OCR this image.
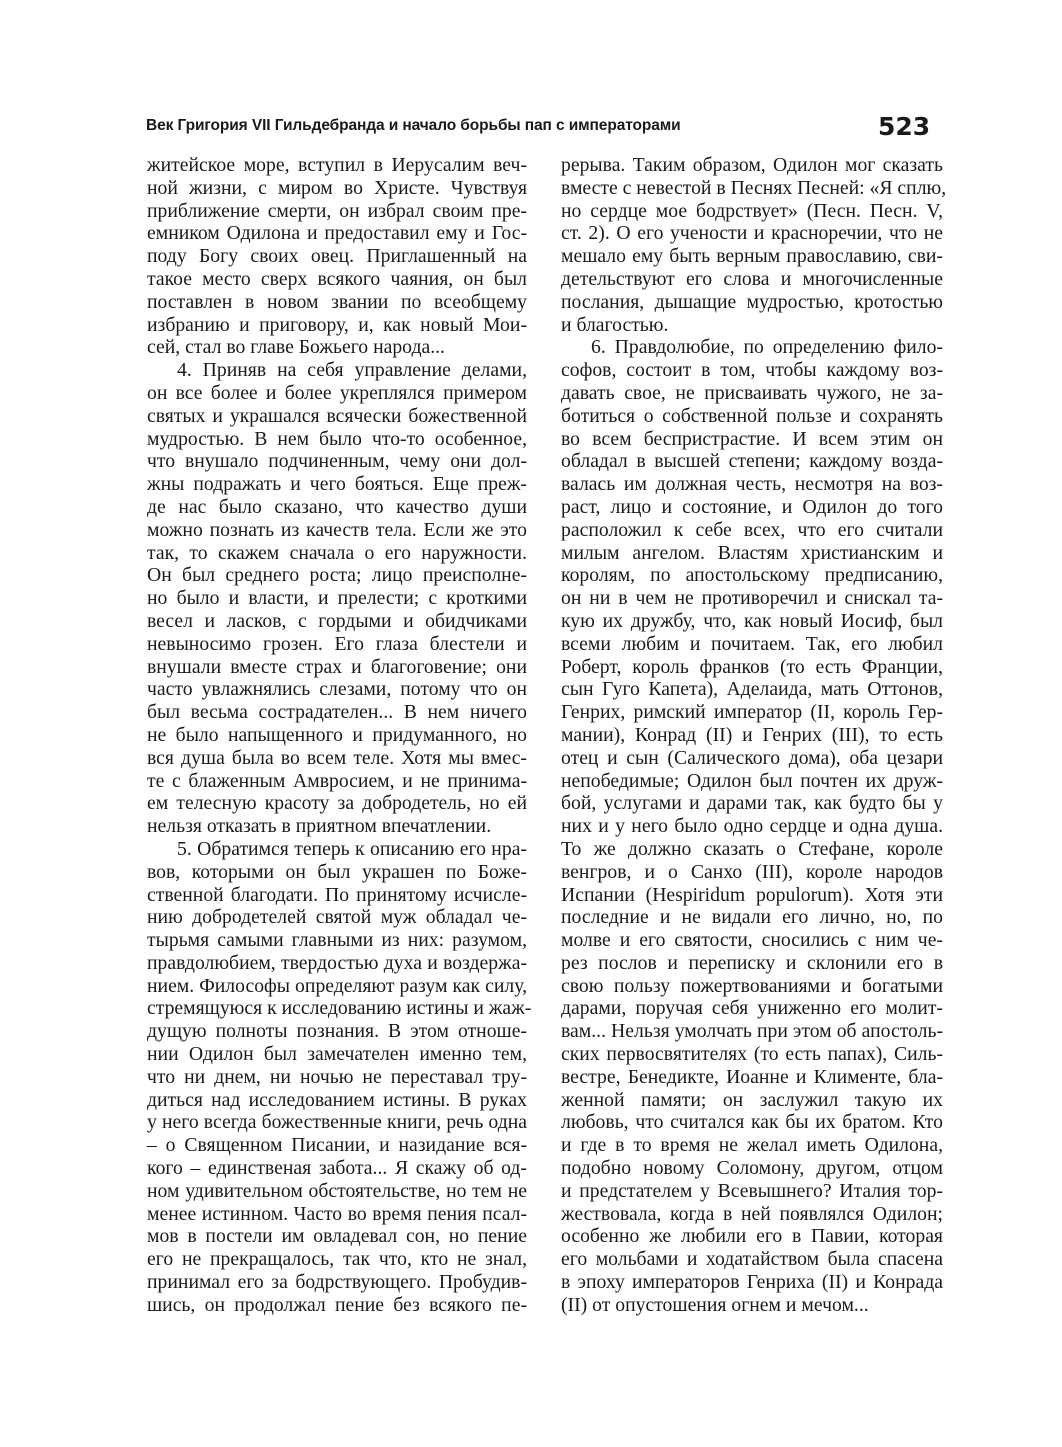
Век Григория VII Гильдебранда и начало борьбы пап с императорами	523
житейское море, вступил в Иерусалим веч-
ной жизни, с миром во Христе. Чувствуя
приближение смерти, он избрал своим пре-
емником Одилона и предоставил ему и Гос-
поду Богу своих овец. Приглашенный на
такое место сверх всякого чаяния, он был
поставлен в новом звании по всеобщему
избранию и приговору, и, как новый Мои-
сей, стал во главе Божьего народа...
4. Приняв на себя управление делами,
он все более и более укреплялся примером
святых и украшался всячески божественной
мудростью. В нем было что-то особенное,
что внушало подчиненным, чему они дол-
жны подражать и чего бояться. Еще преж-
де нас было сказано, что качество души
можно познать из качеств тела. Если же это
так, то скажем сначала о его наружности.
Он был среднего роста; лицо преисполне-
но было и власти, и прелести; с кроткими
весел и ласков, с гордыми и обидчиками
невыносимо грозен. Его глаза блестели и
внушали вместе страх и благоговение; они
часто увлажнялись слезами, потому что он
был весьма сострадателен... В нем ничего
не было напыщенного и придуманного, но
вся душа была во всем теле. Хотя мы вмес-
те с блаженным Амвросием, и не принима-
ем телесную красоту за добродетель, но ей
нельзя отказать в приятном впечатлении.
5. Обратимся теперь к описанию его нра-
вов, которыми он был украшен по Боже-
ственной благодати. По принятому исчисле-
нию добродетелей святой муж обладал че-
тырьмя самыми главными из них: разумом,
правдолюбием, твердостью духа и воздержа-
нием. Философы определяют разум как силу,
стремящуюся к исследованию истины и жаж-
дущую полноты познания. В этом отноше-
нии Одилон был замечателен именно тем,
что ни днем, ни ночью не переставал тру-
диться над исследованием истины. В руках
у него всегда божественные книги, речь одна
– о Священном Писании, и назидание вся-
кого – единственая забота... Я скажу об од-
ном удивительном обстоятельстве, но тем не
менее истинном. Часто во время пения псал-
мов в постели им овладевал сон, но пение
его не прекращалось, так что, кто не знал,
принимал его за бодрствующего. Пробудив-
шись, он продолжал пение без всякого пе-
рерыва. Таким образом, Одилон мог сказать
вместе с невестой в Песнях Песней: «Я сплю,
но сердце мое бодрствует» (Песн. Песн. V,
ст. 2). О его учености и красноречии, что не
мешало ему быть верным православию, сви-
детельствуют его слова и многочисленные
послания, дышащие мудростью, кротостью
и благостью.
6. Правдолюбие, по определению фило-
софов, состоит в том, чтобы каждому воз-
давать свое, не присваивать чужого, не за-
ботиться о собственной пользе и сохранять
во всем беспристрастие. И всем этим он
обладал в высшей степени; каждому возда-
валась им должная честь, несмотря на воз-
раст, лицо и состояние, и Одилон до того
расположил к себе всех, что его считали
милым ангелом. Властям христианским и
королям, по апостольскому предписанию,
он ни в чем не противоречил и снискал та-
кую их дружбу, что, как новый Иосиф, был
всеми любим и почитаем. Так, его любил
Роберт, король франков (то есть Франции,
сын Гуго Капета), Аделаида, мать Оттонов,
Генрих, римский император (II, король Гер-
мании), Конрад (II) и Генрих (III), то есть
отец и сын (Салического дома), оба цезари
непобедимые; Одилон был почтен их друж-
бой, услугами и дарами так, как будто бы у
них и у него было одно сердце и одна душа.
То же должно сказать о Стефане, короле
венгров, и о Санхо (III), короле народов
Испании (Hespiridum populorum). Хотя эти
последние и не видали его лично, но, по
молве и его святости, сносились с ним че-
рез послов и переписку и склонили его в
свою пользу пожертвованиями и богатыми
дарами, поручая себя униженно его молит-
вам... Нельзя умолчать при этом об апостоль-
ских первосвятителях (то есть папах), Силь-
вестре, Бенедикте, Иоанне и Клименте, бла-
женной памяти; он заслужил такую их
любовь, что считался как бы их братом. Кто
и где в то время не желал иметь Одилона,
подобно новому Соломону, другом, отцом
и предстателем у Всевышнего? Италия тор-
жествовала, когда в ней появлялся Одилон;
особенно же любили его в Павии, которая
его мольбами и ходатайством была спасена
в эпоху императоров Генриха (II) и Конрада
(II) от опустошения огнем и мечом...
